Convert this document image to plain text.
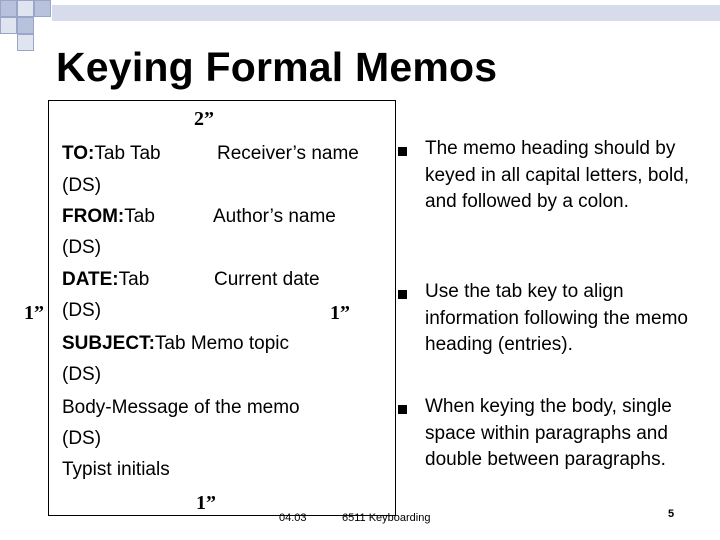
Keying Formal Memos
2”
1”	1”
1”
TO:Tab Tab	Receiver’s name
(DS)
FROM:Tab	Author’s name
(DS)
DATE:Tab	Current date
(DS)
SUBJECT:Tab Memo topic
(DS)
Body-Message of the memo
(DS)
Typist initials
The memo heading should by keyed in all capital letters, bold, and followed by a colon.
Use the tab key to align information following the memo heading (entries).
When keying the body, single space within paragraphs and double between paragraphs.
04.03	6511 Keyboarding	5
